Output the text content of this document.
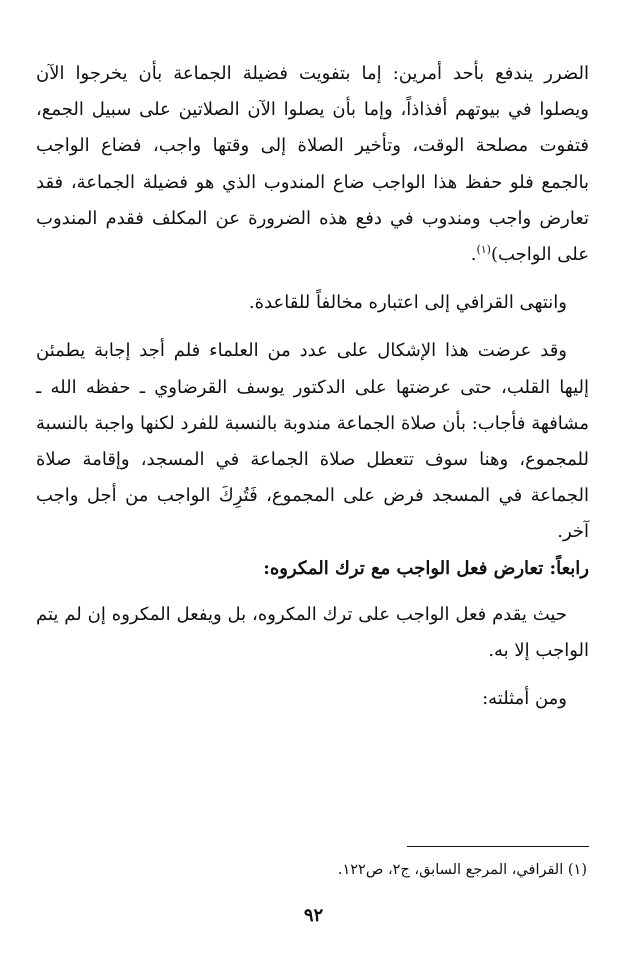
الضرر يندفع بأحد أمرين: إما بتفويت فضيلة الجماعة بأن يخرجوا الآن ويصلوا في بيوتهم أفذاذاً، وإما بأن يصلوا الآن الصلاتين على سبيل الجمع، فتفوت مصلحة الوقت، وتأخير الصلاة إلى وقتها واجب، فضاع الواجب بالجمع فلو حفظ هذا الواجب ضاع المندوب الذي هو فضيلة الجماعة، فقد تعارض واجب ومندوب في دفع هذه الضرورة عن المكلف فقدم المندوب على الواجب)$^{(١)}$.

وانتهى القرافي إلى اعتباره مخالفاً للقاعدة.

وقد عرضت هذا الإشكال على عدد من العلماء فلم أجد إجابة يطمئن إليها القلب، حتى عرضتها على الدكتور يوسف القرضاوي ـ حفظه الله ـ مشافهة فأجاب: بأن صلاة الجماعة مندوبة بالنسبة للفرد لكنها واجبة بالنسبة للمجموع، وهنا سوف تتعطل صلاة الجماعة في المسجد، وإقامة صلاة الجماعة في المسجد فرض على المجموع، فَتُرِكَ الواجب من أجل واجب آخر.

رابعاً: تعارض فعل الواجب مع ترك المكروه:

حيث يقدم فعل الواجب على ترك المكروه، بل ويفعل المكروه إن لم يتم الواجب إلا به.

ومن أمثلته:

(١) القرافي، المرجع السابق، ج٢، ص١٢٢.

٩٢
